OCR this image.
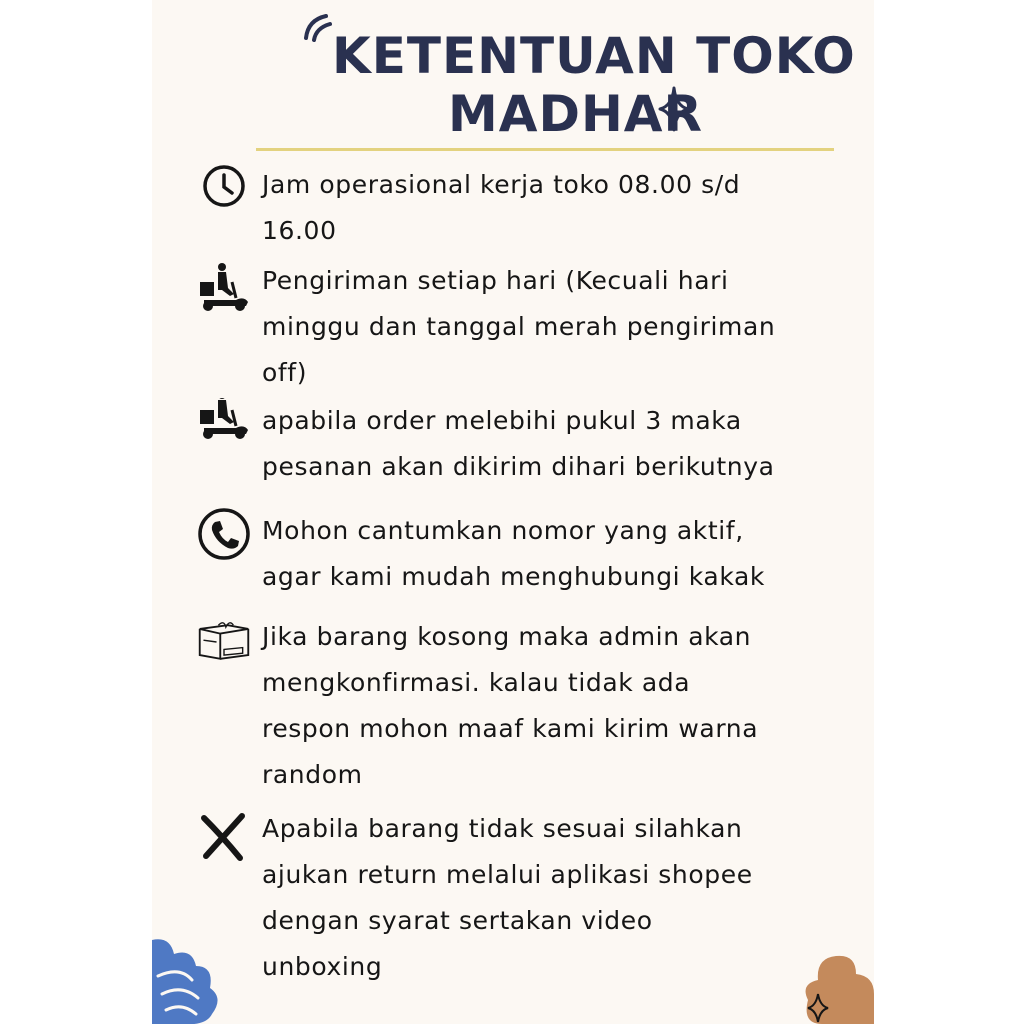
KETENTUAN TOKO
MADHAR
Jam operasional kerja toko 08.00 s/d
16.00
Pengiriman setiap hari (Kecuali hari
minggu dan tanggal merah pengiriman
off)
apabila order melebihi pukul 3 maka
pesanan akan dikirim dihari berikutnya
Mohon cantumkan nomor yang aktif,
agar kami mudah menghubungi kakak
Jika barang kosong maka admin akan
mengkonfirmasi. kalau tidak ada
respon mohon maaf kami kirim warna
random
Apabila barang tidak sesuai silahkan
ajukan return melalui aplikasi shopee
dengan syarat sertakan video
unboxing
